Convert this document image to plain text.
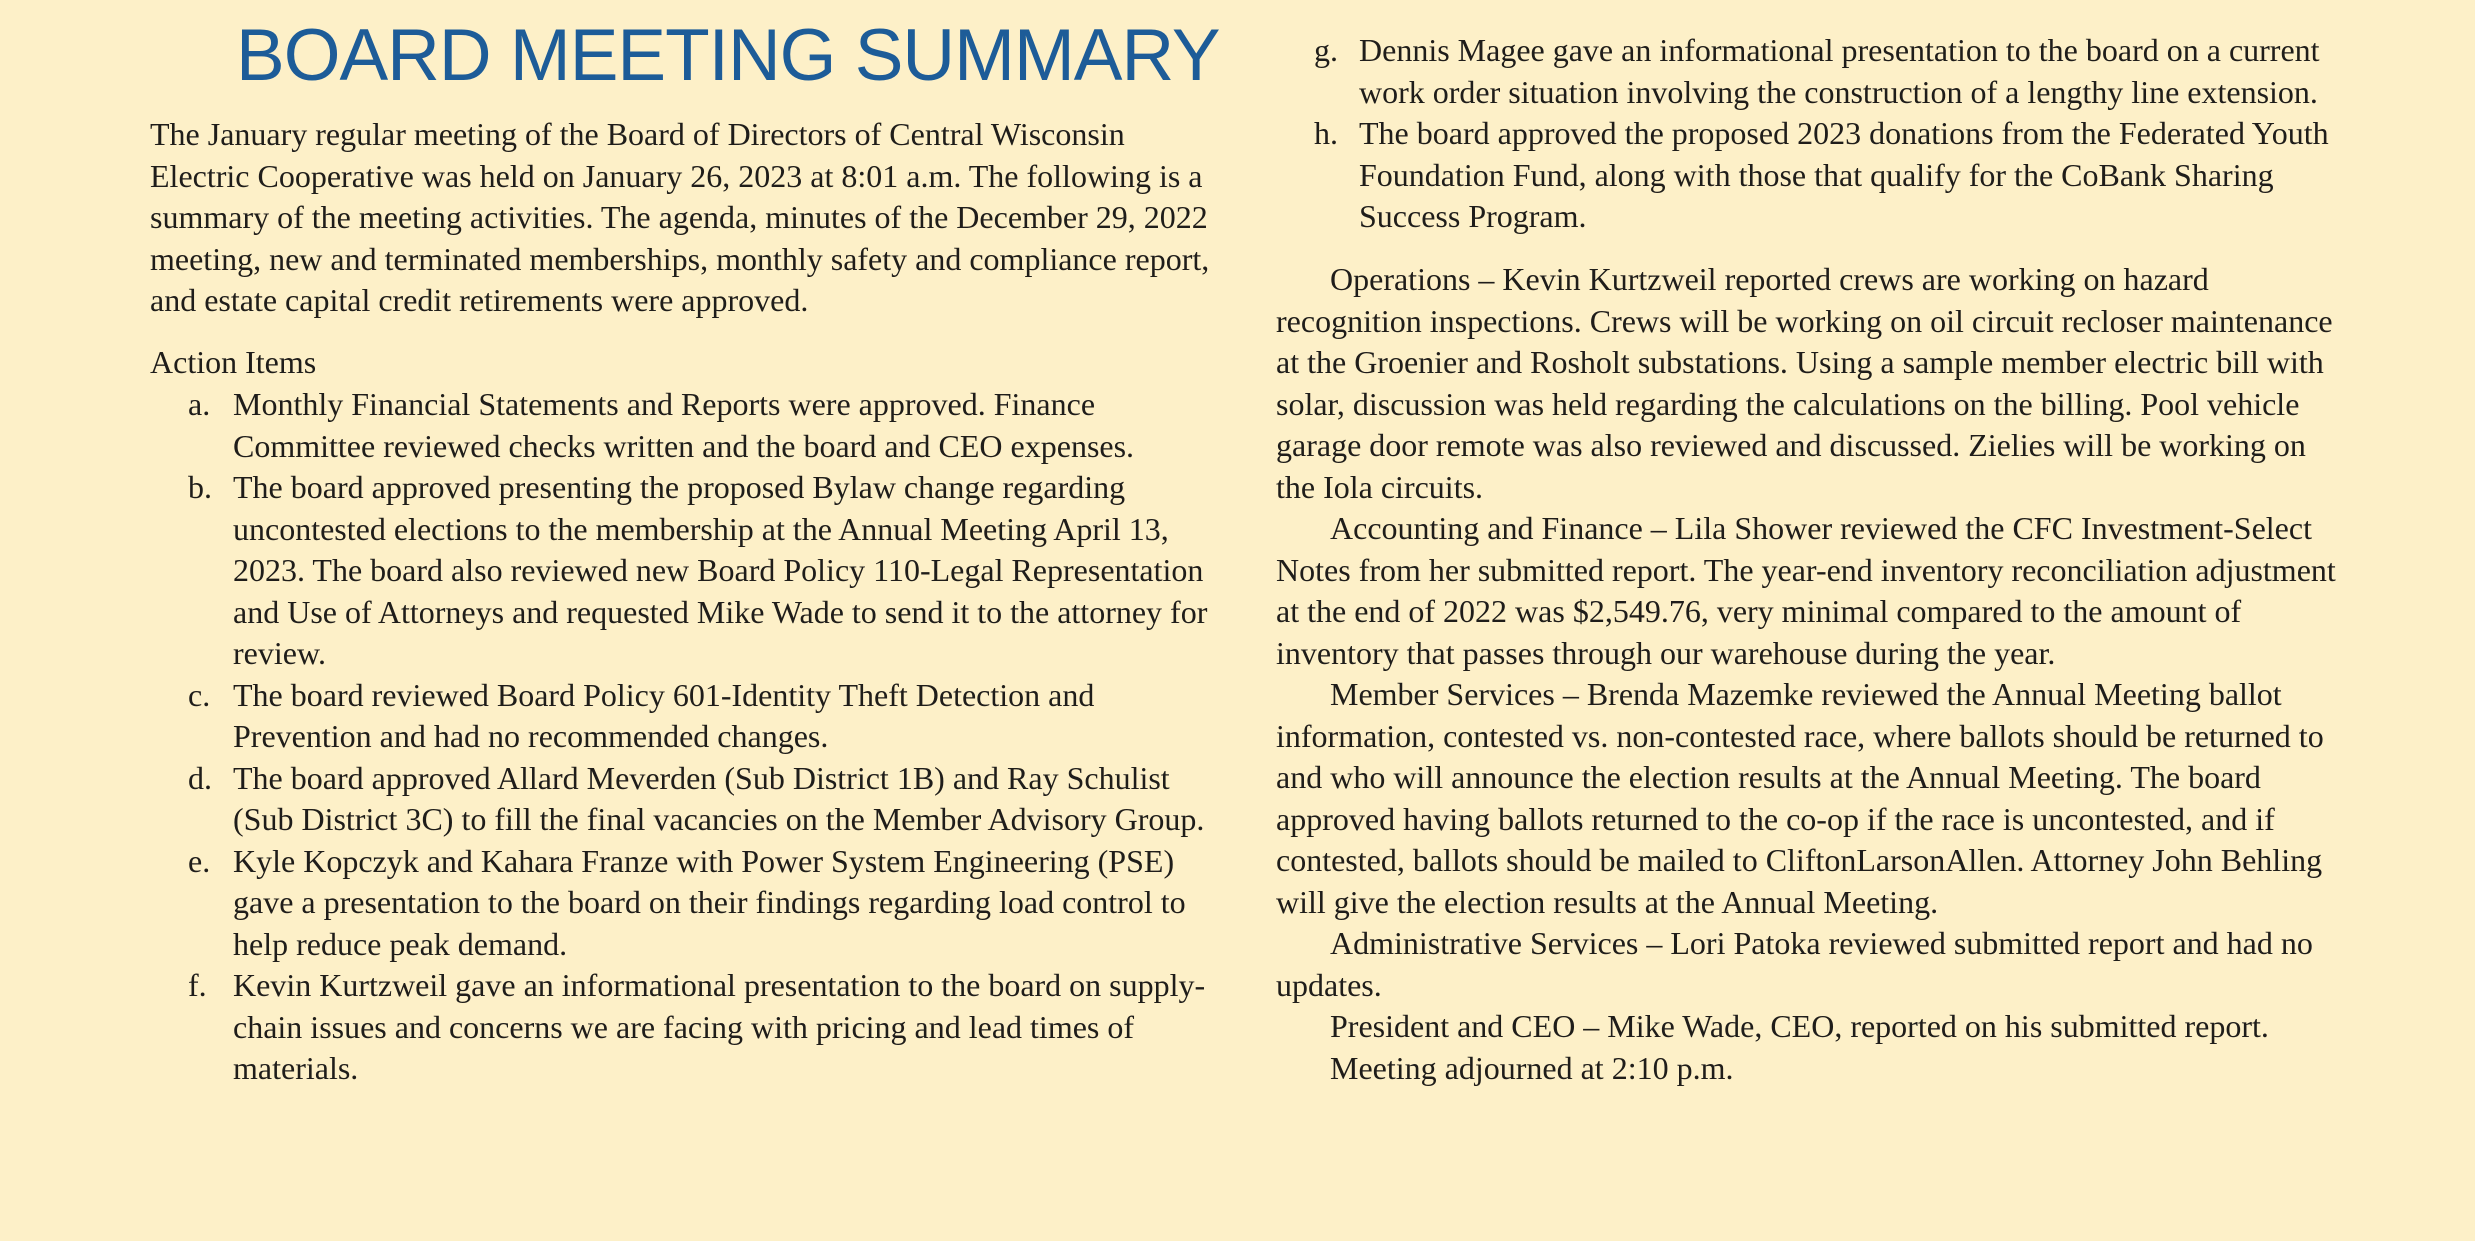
BOARD MEETING SUMMARY

The January regular meeting of the Board of Directors of Central Wisconsin Electric Cooperative was held on January 26, 2023 at 8:01 a.m. The following is a summary of the meeting activities. The agenda, minutes of the December 29, 2022 meeting, new and terminated memberships, monthly safety and compliance report, and estate capital credit retirements were approved.

Action Items
a. Monthly Financial Statements and Reports were approved. Finance Committee reviewed checks written and the board and CEO expenses.
b. The board approved presenting the proposed Bylaw change regarding uncontested elections to the membership at the Annual Meeting April 13, 2023. The board also reviewed new Board Policy 110-Legal Representation and Use of Attorneys and requested Mike Wade to send it to the attorney for review.
c. The board reviewed Board Policy 601-Identity Theft Detection and Prevention and had no recommended changes.
d. The board approved Allard Meverden (Sub District 1B) and Ray Schulist (Sub District 3C) to fill the final vacancies on the Member Advisory Group.
e. Kyle Kopczyk and Kahara Franze with Power System Engineering (PSE) gave a presentation to the board on their findings regarding load control to help reduce peak demand.
f. Kevin Kurtzweil gave an informational presentation to the board on supply-chain issues and concerns we are facing with pricing and lead times of materials.
g. Dennis Magee gave an informational presentation to the board on a current work order situation involving the construction of a lengthy line extension.
h. The board approved the proposed 2023 donations from the Federated Youth Foundation Fund, along with those that qualify for the CoBank Sharing Success Program.

Operations – Kevin Kurtzweil reported crews are working on hazard recognition inspections. Crews will be working on oil circuit recloser maintenance at the Groenier and Rosholt substations. Using a sample member electric bill with solar, discussion was held regarding the calculations on the billing. Pool vehicle garage door remote was also reviewed and discussed. Zielies will be working on the Iola circuits.

Accounting and Finance – Lila Shower reviewed the CFC Investment-Select Notes from her submitted report. The year-end inventory reconciliation adjustment at the end of 2022 was $2,549.76, very minimal compared to the amount of inventory that passes through our warehouse during the year.

Member Services – Brenda Mazemke reviewed the Annual Meeting ballot information, contested vs. non-contested race, where ballots should be returned to and who will announce the election results at the Annual Meeting. The board approved having ballots returned to the co-op if the race is uncontested, and if contested, ballots should be mailed to CliftonLarsonAllen. Attorney John Behling will give the election results at the Annual Meeting.

Administrative Services – Lori Patoka reviewed submitted report and had no updates.

President and CEO – Mike Wade, CEO, reported on his submitted report.

Meeting adjourned at 2:10 p.m.
